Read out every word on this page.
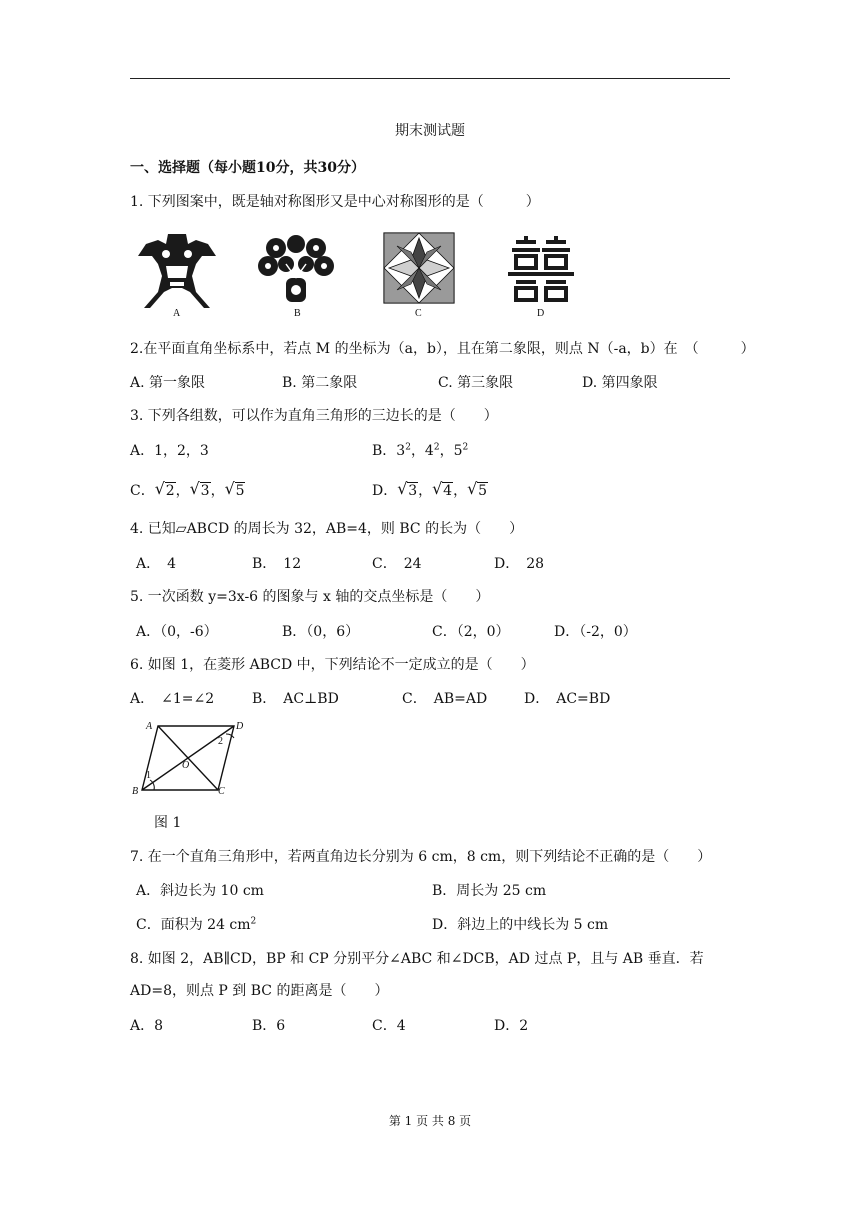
期末测试题
一、选择题（每小题10分，共30分）
1. 下列图案中，既是轴对称图形又是中心对称图形的是（　　　）
A	B	C	D
2.在平面直角坐标系中，若点 M 的坐标为（a，b），且在第二象限，则点 N（-a，b）在　（　　　）
A. 第一象限	B. 第二象限	C. 第三象限	D. 第四象限
3. 下列各组数，可以作为直角三角形的三边长的是（　　）
A．1，2，3	B．$3^2$，$4^2$，$5^2$
C． √ 2， √ 3， √ 5	D． √ 3， √ 4， √ 5
4. 已知▱ABCD 的周长为 32，AB=4，则 BC 的长为（　　）
A．　4	B．　12	C．　24	D．　28
5. 一次函数 y=3x-6 的图象与 x 轴的交点坐标是（　　）
A．（0，-6）	B．（0，6）	C．（2，0）	D．（-2，0）
6. 如图 1，在菱形 ABCD 中，下列结论不一定成立的是（　　）
A．　∠1=∠2	B．　AC⊥BD	C．　AB=AD	D．　AC=BD
A	D
B	C
O
1
2
图 1
7. 在一个直角三角形中，若两直角边长分别为 6 cm，8 cm，则下列结论不正确的是（　　）
A．斜边长为 10 cm	B．周长为 25 cm
C．面积为 24 $cm^2$	D．斜边上的中线长为 5 cm
8. 如图 2，AB∥CD，BP 和 CP 分别平分∠ABC 和∠DCB，AD 过点 P，且与 AB 垂直．若
AD=8，则点 P 到 BC 的距离是（　　）
A．8	B．6	C．4	D．2
第 1 页 共 8 页
